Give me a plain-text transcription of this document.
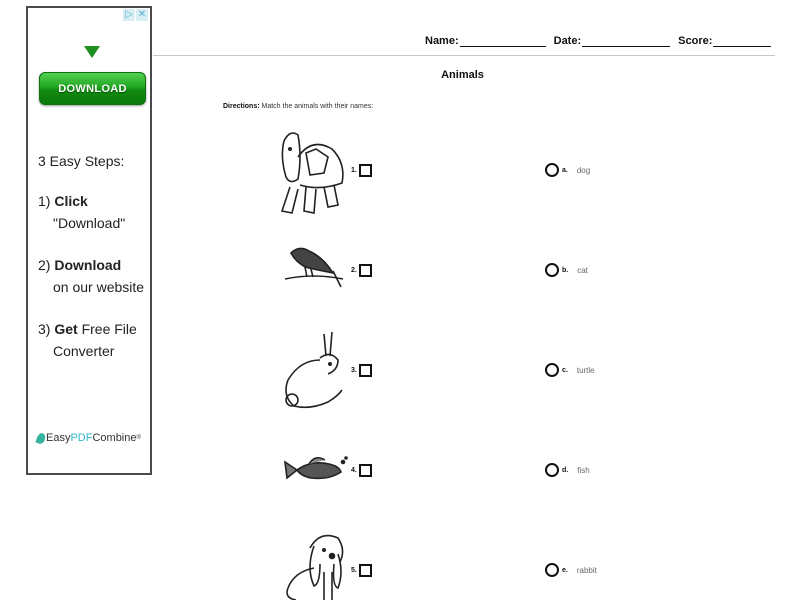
▷ ✕
DOWNLOAD
3 Easy Steps:
1) Click
"Download"
2) Download
on our website
3) Get Free File
Converter
Easy PDF Combine ®
Name:	Date:	Score:
Animals
Directions: Match the animals with their names:
1.
2.
3.
4.
5.
a. dog
b. cat
c. turtle
d. fish
e. rabbit
